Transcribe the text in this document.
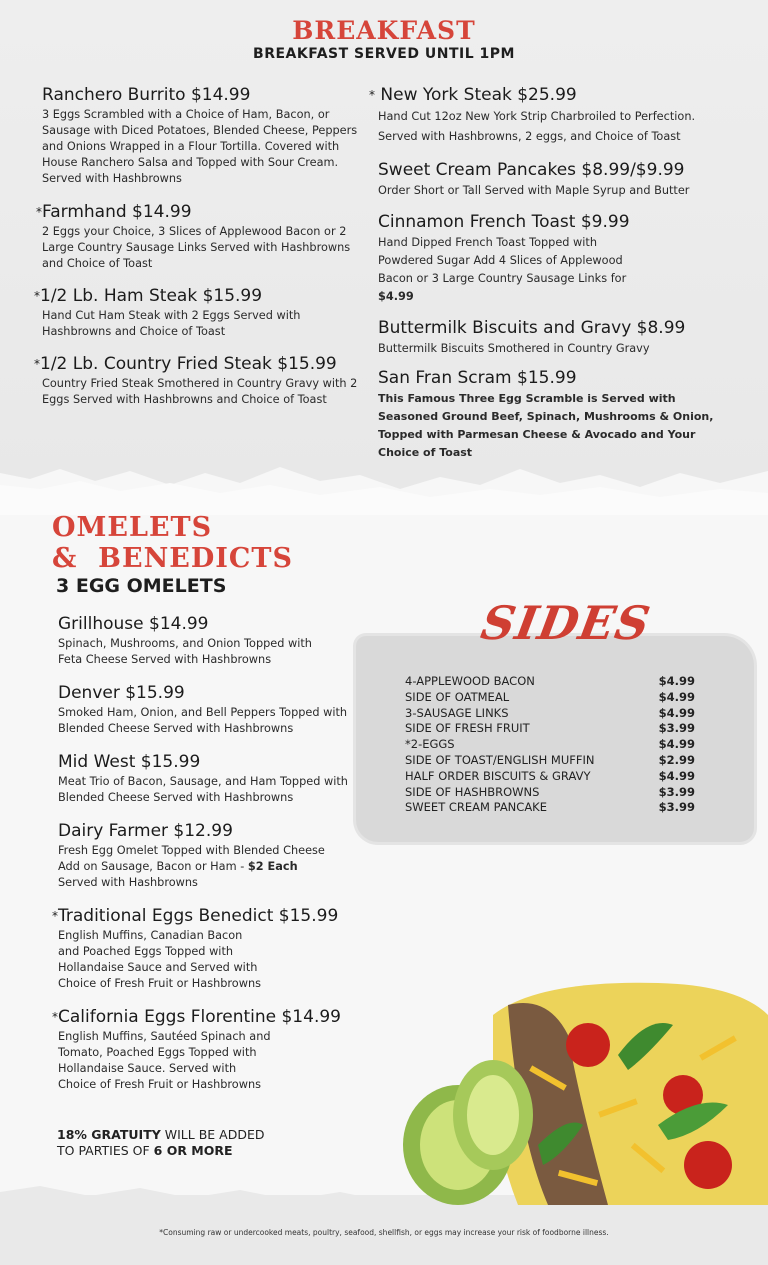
BREAKFAST
BREAKFAST SERVED UNTIL 1PM
Ranchero Burrito $14.99

3 Eggs Scrambled with a Choice of Ham, Bacon, or Sausage with Diced Potatoes, Blended Cheese, Peppers and Onions Wrapped in a Flour Tortilla. Covered with House Ranchero Salsa and Topped with Sour Cream. Served with Hashbrowns

*Farmhand $14.99

2 Eggs your Choice, 3 Slices of Applewood Bacon or 2 Large Country Sausage Links Served with Hashbrowns and Choice of Toast

*1/2 Lb. Ham Steak $15.99

Hand Cut Ham Steak with 2 Eggs Served with Hashbrowns and Choice of Toast

*1/2 Lb. Country Fried Steak $15.99

Country Fried Steak Smothered in Country Gravy with 2 Eggs Served with Hashbrowns and Choice of Toast

* New York Steak $25.99

Hand Cut 12oz New York Strip Charbroiled to Perfection. Served with Hashbrowns, 2 eggs, and Choice of Toast

Sweet Cream Pancakes $8.99/$9.99

Order Short or Tall Served with Maple Syrup and Butter

Cinnamon French Toast $9.99

Hand Dipped French Toast Topped with Powdered Sugar Add 4 Slices of Applewood Bacon or 3 Large Country Sausage Links for $4.99

Buttermilk Biscuits and Gravy $8.99

Buttermilk Biscuits Smothered in Country Gravy

San Fran Scram $15.99

This Famous Three Egg Scramble is Served with Seasoned Ground Beef, Spinach, Mushrooms & Onion, Topped with Parmesan Cheese & Avocado and Your Choice of Toast

OMELETS
&  BENEDICTS
3 EGG OMELETS
Grillhouse $14.99

Spinach, Mushrooms, and Onion Topped with Feta Cheese Served with Hashbrowns

Denver $15.99

Smoked Ham, Onion, and Bell Peppers Topped with Blended Cheese Served with Hashbrowns

Mid West $15.99

Meat Trio of Bacon, Sausage, and Ham Topped with Blended Cheese Served with Hashbrowns

Dairy Farmer $12.99

Fresh Egg Omelet Topped with Blended Cheese Add on Sausage, Bacon or Ham - $2 Each
Served with Hashbrowns

*Traditional Eggs Benedict $15.99

English Muffins, Canadian Bacon and Poached Eggs Topped with Hollandaise Sauce and Served with Choice of Fresh Fruit or Hashbrowns

*California Eggs Florentine $14.99

English Muffins, Sautéed Spinach and Tomato, Poached Eggs Topped with Hollandaise Sauce. Served with Choice of Fresh Fruit or Hashbrowns

SIDES
4-APPLEWOOD BACON	$4.99
SIDE OF OATMEAL	$4.99
3-SAUSAGE LINKS	$4.99
SIDE OF FRESH FRUIT	$3.99
*2-EGGS	$4.99
SIDE OF TOAST/ENGLISH MUFFIN	$2.99
HALF ORDER BISCUITS & GRAVY	$4.99
SIDE OF HASHBROWNS	$3.99
SWEET CREAM PANCAKE	$3.99
18% GRATUITY WILL BE ADDED
TO PARTIES OF 6 OR MORE
*Consuming raw or undercooked meats, poultry, seafood, shellfish, or eggs may increase your risk of foodborne illness.
